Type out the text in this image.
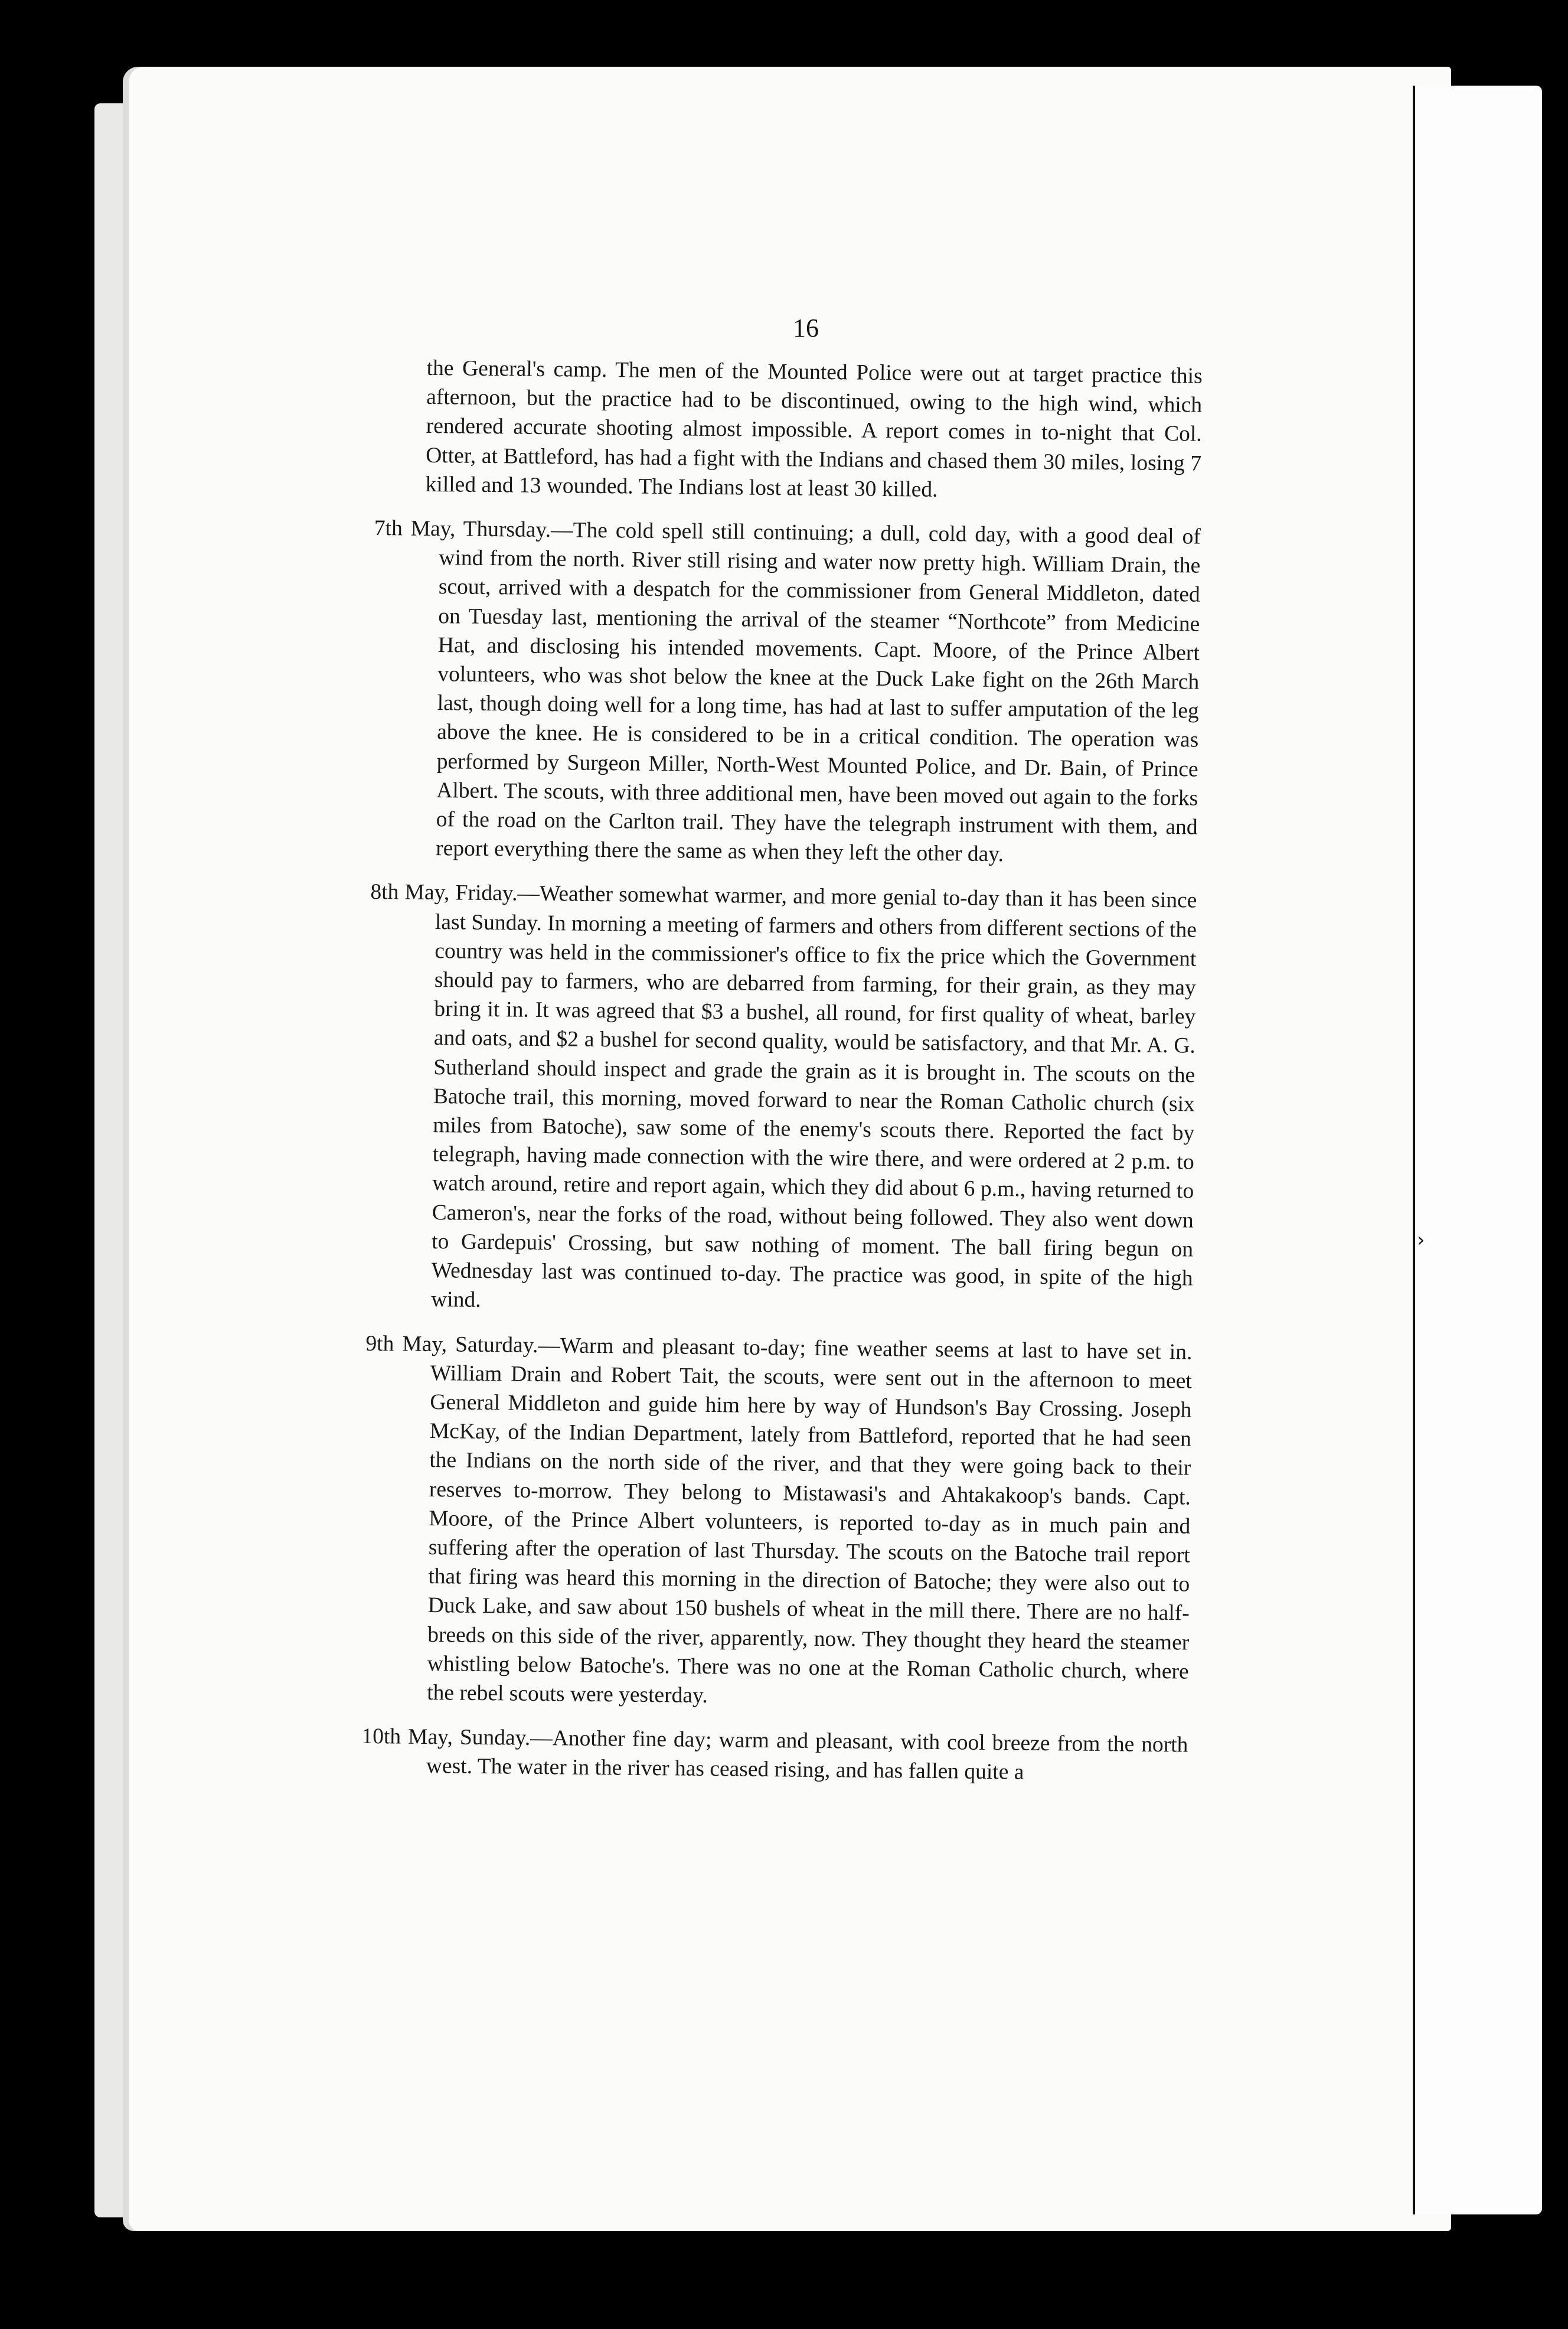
›
16

the General's camp. The men of the Mounted Police were out at target practice this afternoon, but the practice had to be discontinued, owing to the high wind, which rendered accurate shooting almost impossible. A report comes in to-night that Col. Otter, at Battleford, has had a fight with the Indians and chased them 30 miles, losing 7 killed and 13 wounded. The Indians lost at least 30 killed.

7th May, Thursday.—The cold spell still continuing; a dull, cold day, with a good deal of wind from the north. River still rising and water now pretty high. William Drain, the scout, arrived with a despatch for the commissioner from General Middleton, dated on Tuesday last, mentioning the arrival of the steamer “Northcote” from Medicine Hat, and disclosing his intended movements. Capt. Moore, of the Prince Albert volunteers, who was shot below the knee at the Duck Lake fight on the 26th March last, though doing well for a long time, has had at last to suffer amputation of the leg above the knee. He is considered to be in a critical condition. The operation was performed by Surgeon Miller, North-West Mounted Police, and Dr. Bain, of Prince Albert. The scouts, with three additional men, have been moved out again to the forks of the road on the Carlton trail. They have the telegraph instrument with them, and report everything there the same as when they left the other day.

8th May, Friday.—Weather somewhat warmer, and more genial to-day than it has been since last Sunday. In morning a meeting of farmers and others from different sections of the country was held in the commissioner's office to fix the price which the Government should pay to farmers, who are debarred from farming, for their grain, as they may bring it in. It was agreed that $3 a bushel, all round, for first quality of wheat, barley and oats, and $2 a bushel for second quality, would be satisfactory, and that Mr. A. G. Sutherland should inspect and grade the grain as it is brought in. The scouts on the Batoche trail, this morning, moved forward to near the Roman Catholic church (six miles from Batoche), saw some of the enemy's scouts there. Reported the fact by telegraph, having made connection with the wire there, and were ordered at 2 p.m. to watch around, retire and report again, which they did about 6 p.m., having returned to Cameron's, near the forks of the road, without being followed. They also went down to Gardepuis' Crossing, but saw nothing of moment. The ball firing begun on Wednesday last was continued to-day. The practice was good, in spite of the high wind.

9th May, Saturday.—Warm and pleasant to-day; fine weather seems at last to have set in. William Drain and Robert Tait, the scouts, were sent out in the afternoon to meet General Middleton and guide him here by way of Hundson's Bay Crossing. Joseph McKay, of the Indian Department, lately from Battleford, reported that he had seen the Indians on the north side of the river, and that they were going back to their reserves to-morrow. They belong to Mistawasi's and Ahtakakoop's bands. Capt. Moore, of the Prince Albert volunteers, is reported to-day as in much pain and suffering after the operation of last Thursday. The scouts on the Batoche trail report that firing was heard this morning in the direction of Batoche; they were also out to Duck Lake, and saw about 150 bushels of wheat in the mill there. There are no half-breeds on this side of the river, apparently, now. They thought they heard the steamer whistling below Batoche's. There was no one at the Roman Catholic church, where the rebel scouts were yesterday.

10th May, Sunday.—Another fine day; warm and pleasant, with cool breeze from the north west. The water in the river has ceased rising, and has fallen quite a
